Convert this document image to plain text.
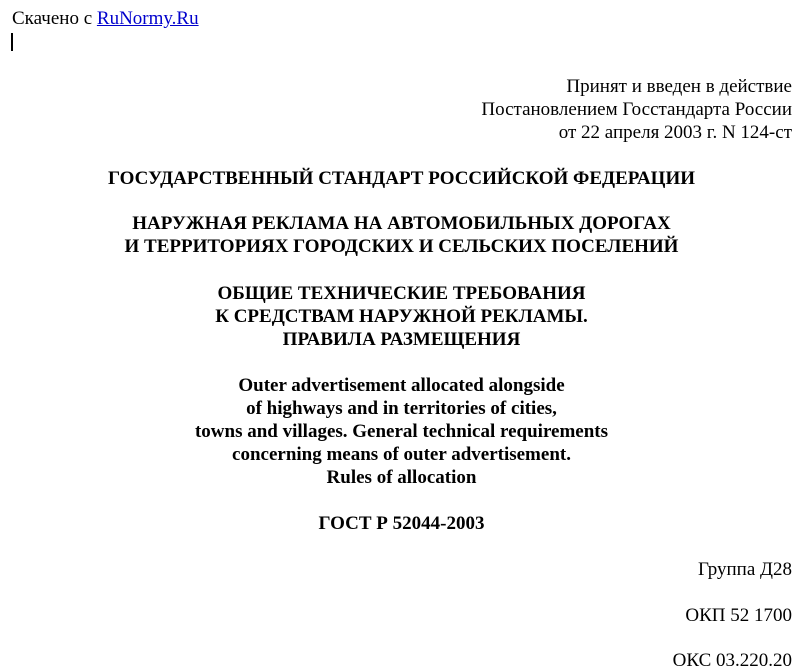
Скачено с RuNormy.Ru
Принят и введен в действие
Постановлением Госстандарта России
от 22 апреля 2003 г. N 124-ст
ГОСУДАРСТВЕННЫЙ СТАНДАРТ РОССИЙСКОЙ ФЕДЕРАЦИИ
НАРУЖНАЯ РЕКЛАМА НА АВТОМОБИЛЬНЫХ ДОРОГАХ
И ТЕРРИТОРИЯХ ГОРОДСКИХ И СЕЛЬСКИХ ПОСЕЛЕНИЙ
ОБЩИЕ ТЕХНИЧЕСКИЕ ТРЕБОВАНИЯ
К СРЕДСТВАМ НАРУЖНОЙ РЕКЛАМЫ.
ПРАВИЛА РАЗМЕЩЕНИЯ
Outer advertisement allocated alongside
of highways and in territories of cities,
towns and villages. General technical requirements
concerning means of outer advertisement.
Rules of allocation
ГОСТ Р 52044-2003
Группа Д28
ОКП 52 1700
ОКС 03.220.20
